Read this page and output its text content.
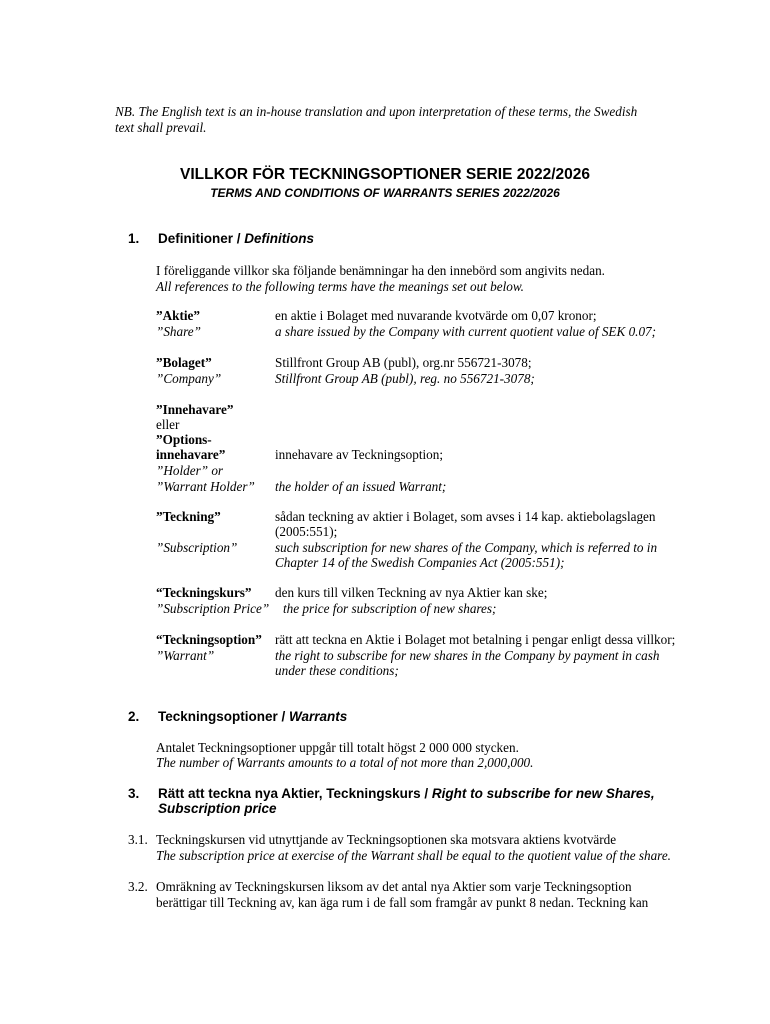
NB. The English text is an in-house translation and upon interpretation of these terms, the Swedish
text shall prevail.
VILLKOR FÖR TECKNINGSOPTIONER SERIE 2022/2026
TERMS AND CONDITIONS OF WARRANTS SERIES 2022/2026
1. Definitioner / Definitions
I föreliggande villkor ska följande benämningar ha den innebörd som angivits nedan.
All references to the following terms have the meanings set out below.
”Aktie”
”Share”
en aktie i Bolaget med nuvarande kvotvärde om 0,07 kronor;
a share issued by the Company with current quotient value of SEK 0.07;
”Bolaget”
”Company”
Stillfront Group AB (publ), org.nr 556721-3078;
Stillfront Group AB (publ), reg. no 556721-3078;
”Innehavare”
eller
”Options-
innehavare”
”Holder” or
”Warrant Holder”
innehavare av Teckningsoption;
the holder of an issued Warrant;
”Teckning”
”Subscription”
sådan teckning av aktier i Bolaget, som avses i 14 kap. aktiebolagslagen
(2005:551);
such subscription for new shares of the Company, which is referred to in
Chapter 14 of the Swedish Companies Act (2005:551);
“Teckningskurs”
”Subscription Price”
den kurs till vilken Teckning av nya Aktier kan ske;
the price for subscription of new shares;
“Teckningsoption”
”Warrant”
rätt att teckna en Aktie i Bolaget mot betalning i pengar enligt dessa villkor;
the right to subscribe for new shares in the Company by payment in cash
under these conditions;
2. Teckningsoptioner / Warrants
Antalet Teckningsoptioner uppgår till totalt högst 2 000 000 stycken.
The number of Warrants amounts to a total of not more than 2,000,000.
3. Rätt att teckna nya Aktier, Teckningskurs / Right to subscribe for new Shares,
Subscription price
3.1. Teckningskursen vid utnyttjande av Teckningsoptionen ska motsvara aktiens kvotvärde
The subscription price at exercise of the Warrant shall be equal to the quotient value of the share.
3.2. Omräkning av Teckningskursen liksom av det antal nya Aktier som varje Teckningsoption
berättigar till Teckning av, kan äga rum i de fall som framgår av punkt 8 nedan. Teckning kan
